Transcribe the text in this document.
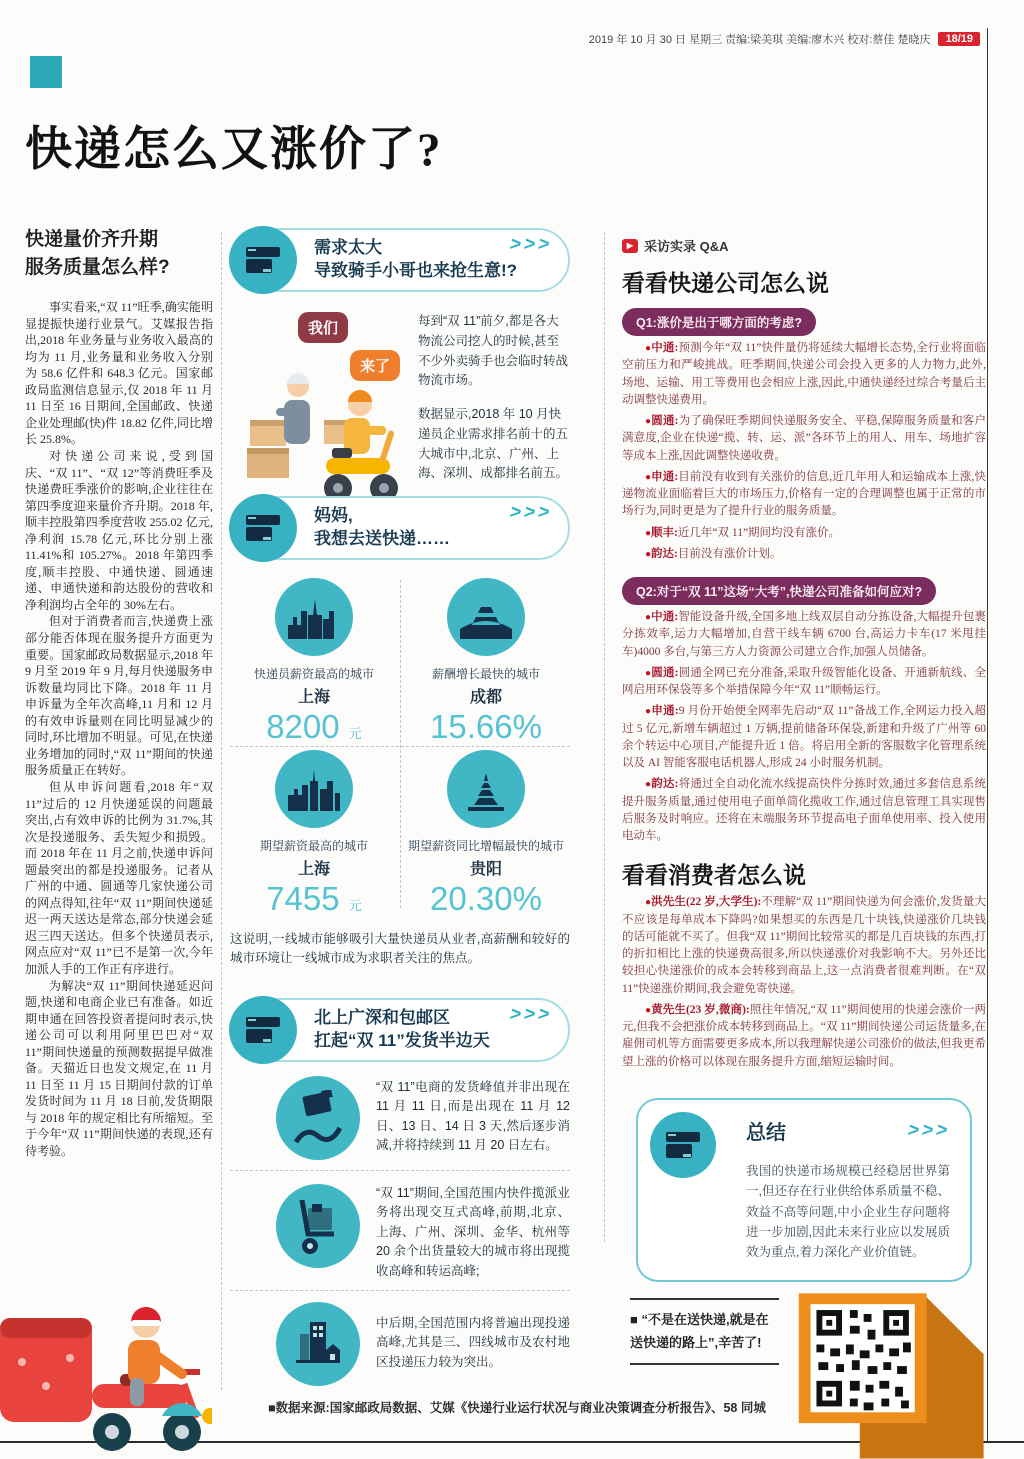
2019 年 10 月 30 日 星期三 责编:梁美琪 美编:廖木兴 校对:蔡佳 楚晓庆	18/19
快递怎么又涨价了?
快递量价齐升期
服务质量怎么样?

事实看来,“双 11”旺季,确实能明显提振快递行业景气。艾媒报告指出,2018 年业务量与业务收入最高的均为 11 月,业务量和业务收入分别为 58.6 亿件和 648.3 亿元。国家邮政局监测信息显示,仅 2018 年 11 月 11 日至 16 日期间,全国邮政、快递企业处理邮(快)件 18.82 亿件,同比增长 25.8%。

对快递公司来说,受到国庆、“双 11”、“双 12”等消费旺季及快递费旺季涨价的影响,企业往往在第四季度迎来量价齐升期。2018 年,顺丰控股第四季度营收 255.02 亿元,净利润 15.78 亿元,环比分别上涨 11.41%和 105.27%。2018 年第四季度,顺丰控股、中通快递、圆通速递、申通快递和韵达股份的营收和净利润均占全年的 30%左右。

但对于消费者而言,快递费上涨部分能否体现在服务提升方面更为重要。国家邮政局数据显示,2018 年 9 月至 2019 年 9 月,每月快递服务申诉数量均同比下降。2018 年 11 月申诉量为全年次高峰,11 月和 12 月的有效申诉量则在同比明显减少的同时,环比增加不明显。可见,在快递业务增加的同时,“双 11”期间的快递服务质量正在转好。

但从申诉问题看,2018 年“双 11”过后的 12 月快递延误的问题最突出,占有效申诉的比例为 31.7%,其次是投递服务、丢失短少和损毁。而 2018 年在 11 月之前,快递申诉问题最突出的都是投递服务。记者从广州的中通、圆通等几家快递公司的网点得知,往年“双 11”期间快递延迟一两天送达是常态,部分快递会延迟三四天送达。但多个快递员表示,网点应对“双 11”已不是第一次,今年加派人手的工作正有序进行。

为解决“双 11”期间快递延迟问题,快递和电商企业已有准备。如近期申通在回答投资者提问时表示,快递公司可以利用阿里巴巴对“双 11”期间快递量的预测数据提早做准备。天猫近日也发文规定,在 11 月 11 日至 11 月 15 日期间付款的订单发货时间为 11 月 18 日前,发货期限与 2018 年的规定相比有所缩短。至于今年“双 11”期间快递的表现,还有待考验。

需求太大
导致骑手小哥也来抢生意!?
>>>
我们
来了

每到“双 11”前夕,都是各大物流公司挖人的时候,甚至不少外卖骑手也会临时转战物流市场。

数据显示,2018 年 10 月快递员企业需求排名前十的五大城市中,北京、广州、上海、深圳、成都排名前五。

妈妈,
我想去送快递……
>>>
快递员薪资最高的城市
上海
8200 元
薪酬增长最快的城市
成都
15.66%
期望薪资最高的城市
上海
7455 元
期望薪资同比增幅最快的城市
贵阳
20.30%
这说明,一线城市能够吸引大量快递员从业者,高薪酬和较好的城市环境让一线城市成为求职者关注的焦点。
北上广深和包邮区
扛起“双 11”发货半边天
>>>
“双 11”电商的发货峰值并非出现在 11 月 11 日,而是出现在 11 月 12 日、13 日、14 日 3 天,然后逐步消减,并将持续到 11 月 20 日左右。
“双 11”期间,全国范围内快件揽派业务将出现交互式高峰,前期,北京、上海、广州、深圳、金华、杭州等 20 余个出货量较大的城市将出现揽收高峰和转运高峰;
中后期,全国范围内将普遍出现投递高峰,尤其是三、四线城市及农村地区投递压力较为突出。
▶ 采访实录 Q&A
看看快递公司怎么说
Q1:涨价是出于哪方面的考虑?

●中通:预测今年“双 11”快件量仍将延续大幅增长态势,全行业将面临空前压力和严峻挑战。旺季期间,快递公司会投入更多的人力物力,此外,场地、运输、用工等费用也会相应上涨,因此,中通快递经过综合考量后主动调整快递费用。

●圆通:为了确保旺季期间快递服务安全、平稳,保障服务质量和客户满意度,企业在快递“揽、转、运、派”各环节上的用人、用车、场地扩容等成本上涨,因此调整快递收费。

●申通:目前没有收到有关涨价的信息,近几年用人和运输成本上涨,快递物流业面临着巨大的市场压力,价格有一定的合理调整也属于正常的市场行为,同时更是为了提升行业的服务质量。

●顺丰:近几年“双 11”期间均没有涨价。

●韵达:目前没有涨价计划。

Q2:对于“双 11”这场“大考”,快递公司准备如何应对?

●中通:智能设备升级,全国多地上线双层自动分拣设备,大幅提升包裹分拣效率,运力大幅增加,自营干线车辆 6700 台,高运力卡车(17 米甩挂车)4000 多台,与第三方人力资源公司建立合作,加强人员储备。

●圆通:圆通全网已充分准备,采取升级智能化设备、开通新航线、全网启用环保袋等多个举措保障今年“双 11”顺畅运行。

●申通:9 月份开始便全网率先启动“双 11”备战工作,全网运力投入超过 5 亿元,新增车辆超过 1 万辆,提前储备环保袋,新建和升级了广州等 60 余个转运中心项目,产能提升近 1 倍。将启用全新的客服数字化管理系统以及 AI 智能客服电话机器人,形成 24 小时服务机制。

●韵达:将通过全自动化流水线提高快件分拣时效,通过多套信息系统提升服务质量,通过使用电子面单简化揽收工作,通过信息管理工具实现售后服务及时响应。还将在末端服务环节提高电子面单使用率、投入使用电动车。

看看消费者怎么说

●洪先生(22 岁,大学生):不理解“双 11”期间快递为何会涨价,发货量大不应该是每单成本下降吗?如果想买的东西是几十块钱,快递涨价几块钱的话可能就不买了。但我“双 11”期间比较常买的都是几百块钱的东西,打的折扣相比上涨的快递费高很多,所以快递涨价对我影响不大。另外还比较担心快递涨价的成本会转移到商品上,这一点消费者很难判断。在“双 11”快递涨价期间,我会避免寄快递。

●黄先生(23 岁,微商):照往年情况,“双 11”期间使用的快递会涨价一两元,但我不会把涨价成本转移到商品上。“双 11”期间快递公司运货量多,在雇佣司机等方面需要更多成本,所以我理解快递公司涨价的做法,但我更希望上涨的价格可以体现在服务提升方面,缩短运输时间。

总结	>>>
我国的快递市场规模已经稳居世界第一,但还存在行业供给体系质量不稳、效益不高等问题,中小企业生存问题将进一步加剧,因此未来行业应以发展质效为重点,着力深化产业价值链。

■ “不是在送快递,就是在送快递的路上”,辛苦了!

■数据来源:国家邮政局数据、艾媒《快递行业运行状况与商业决策调查分析报告》、58 同城
